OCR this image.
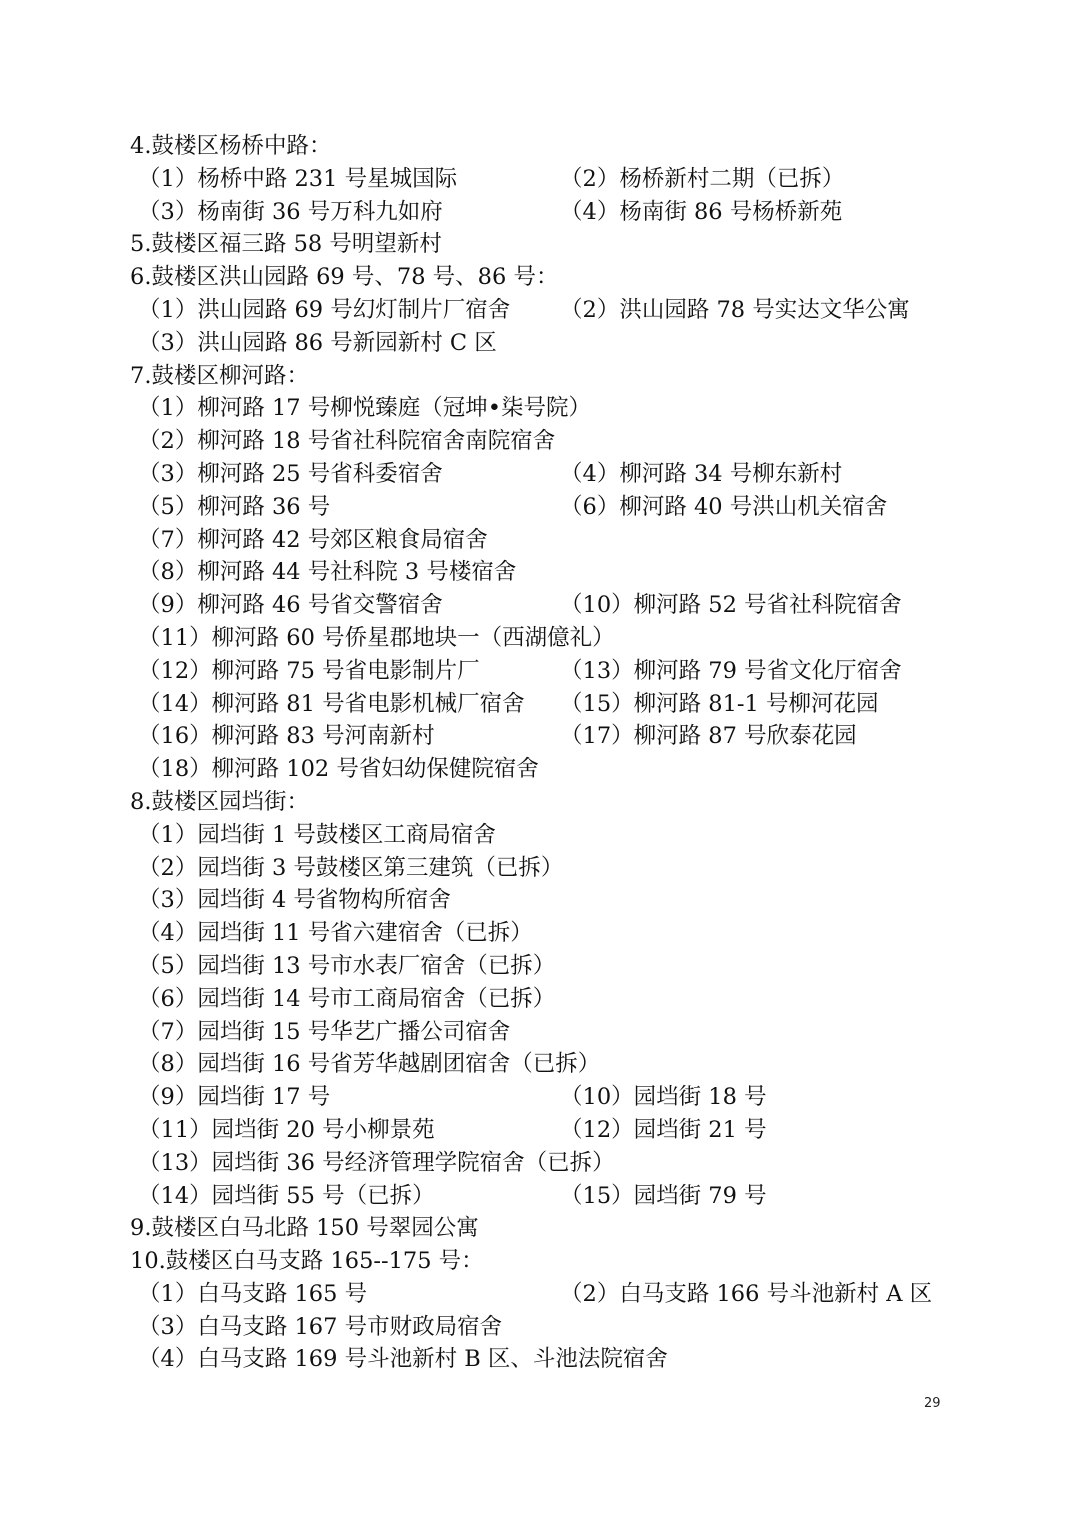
4.鼓楼区杨桥中路：
（1）杨桥中路 231 号星城国际	（2）杨桥新村二期（已拆）
（3）杨南街 36 号万科九如府	（4）杨南街 86 号杨桥新苑
5.鼓楼区福三路 58 号明望新村
6.鼓楼区洪山园路 69 号、78 号、86 号：
（1）洪山园路 69 号幻灯制片厂宿舍	（2）洪山园路 78 号实达文华公寓
（3）洪山园路 86 号新园新村 C 区
7.鼓楼区柳河路：
（1）柳河路 17 号柳悦臻庭（冠坤•柒号院）
（2）柳河路 18 号省社科院宿舍南院宿舍
（3）柳河路 25 号省科委宿舍	（4）柳河路 34 号柳东新村
（5）柳河路 36 号	（6）柳河路 40 号洪山机关宿舍
（7）柳河路 42 号郊区粮食局宿舍
（8）柳河路 44 号社科院 3 号楼宿舍
（9）柳河路 46 号省交警宿舍	（10）柳河路 52 号省社科院宿舍
（11）柳河路 60 号侨星郡地块一（西湖億礼）
（12）柳河路 75 号省电影制片厂	（13）柳河路 79 号省文化厅宿舍
（14）柳河路 81 号省电影机械厂宿舍	（15）柳河路 81-1 号柳河花园
（16）柳河路 83 号河南新村	（17）柳河路 87 号欣泰花园
（18）柳河路 102 号省妇幼保健院宿舍
8.鼓楼区园垱街：
（1）园垱街 1 号鼓楼区工商局宿舍
（2）园垱街 3 号鼓楼区第三建筑（已拆）
（3）园垱街 4 号省物构所宿舍
（4）园垱街 11 号省六建宿舍（已拆）
（5）园垱街 13 号市水表厂宿舍（已拆）
（6）园垱街 14 号市工商局宿舍（已拆）
（7）园垱街 15 号华艺广播公司宿舍
（8）园垱街 16 号省芳华越剧团宿舍（已拆）
（9）园垱街 17 号	（10）园垱街 18 号
（11）园垱街 20 号小柳景苑	（12）园垱街 21 号
（13）园垱街 36 号经济管理学院宿舍（已拆）
（14）园垱街 55 号（已拆）	（15）园垱街 79 号
9.鼓楼区白马北路 150 号翠园公寓
10.鼓楼区白马支路 165--175 号：
（1）白马支路 165 号	（2）白马支路 166 号斗池新村 A 区
（3）白马支路 167 号市财政局宿舍
（4）白马支路 169 号斗池新村 B 区、斗池法院宿舍
29
